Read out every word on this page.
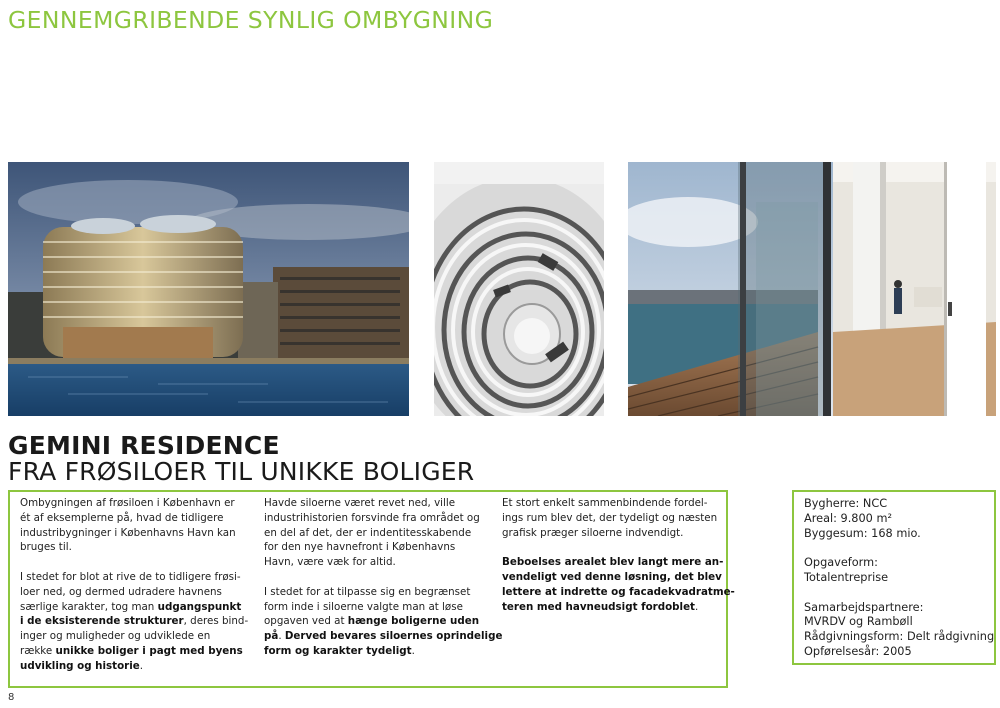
GENNEMGRIBENDE SYNLIG OMBYGNING
GEMINI RESIDENCE
FRA FRØSILOER TIL UNIKKE BOLIGER

Ombygningen af frøsiloen i København er
ét af eksemplerne på, hvad de tidligere
industribygninger i Københavns Havn kan
bruges til.

I stedet for blot at rive de to tidligere frøsi-
loer ned, og dermed udradere havnens
særlige karakter, tog man udgangspunkt
i de eksisterende strukturer, deres bind-
inger og muligheder og udviklede en
række unikke boliger i pagt med byens
udvikling og historie.

Havde siloerne været revet ned, ville
industrihistorien forsvinde fra området og
en del af det, der er indentitesskabende
for den nye havnefront i Københavns
Havn, være væk for altid.

I stedet for at tilpasse sig en begrænset
form inde i siloerne valgte man at løse
opgaven ved at hænge boligerne uden
på. Derved bevares siloernes oprindelige
form og karakter tydeligt.

Et stort enkelt sammenbindende fordel-
ings rum blev det, der tydeligt og næsten
grafisk præger siloerne indvendigt.

Beboelses arealet blev langt mere an-
vendeligt ved denne løsning, det blev
lettere at indrette og facadekvadratme-
teren med havneudsigt fordoblet.

Bygherre: NCC
Areal: 9.800 m²
Byggesum: 168 mio.
Opgaveform:
Totalentreprise
Samarbejdspartnere:
MVRDV og Rambøll
Rådgivningsform: Delt rådgivning
Opførelsesår: 2005
8
